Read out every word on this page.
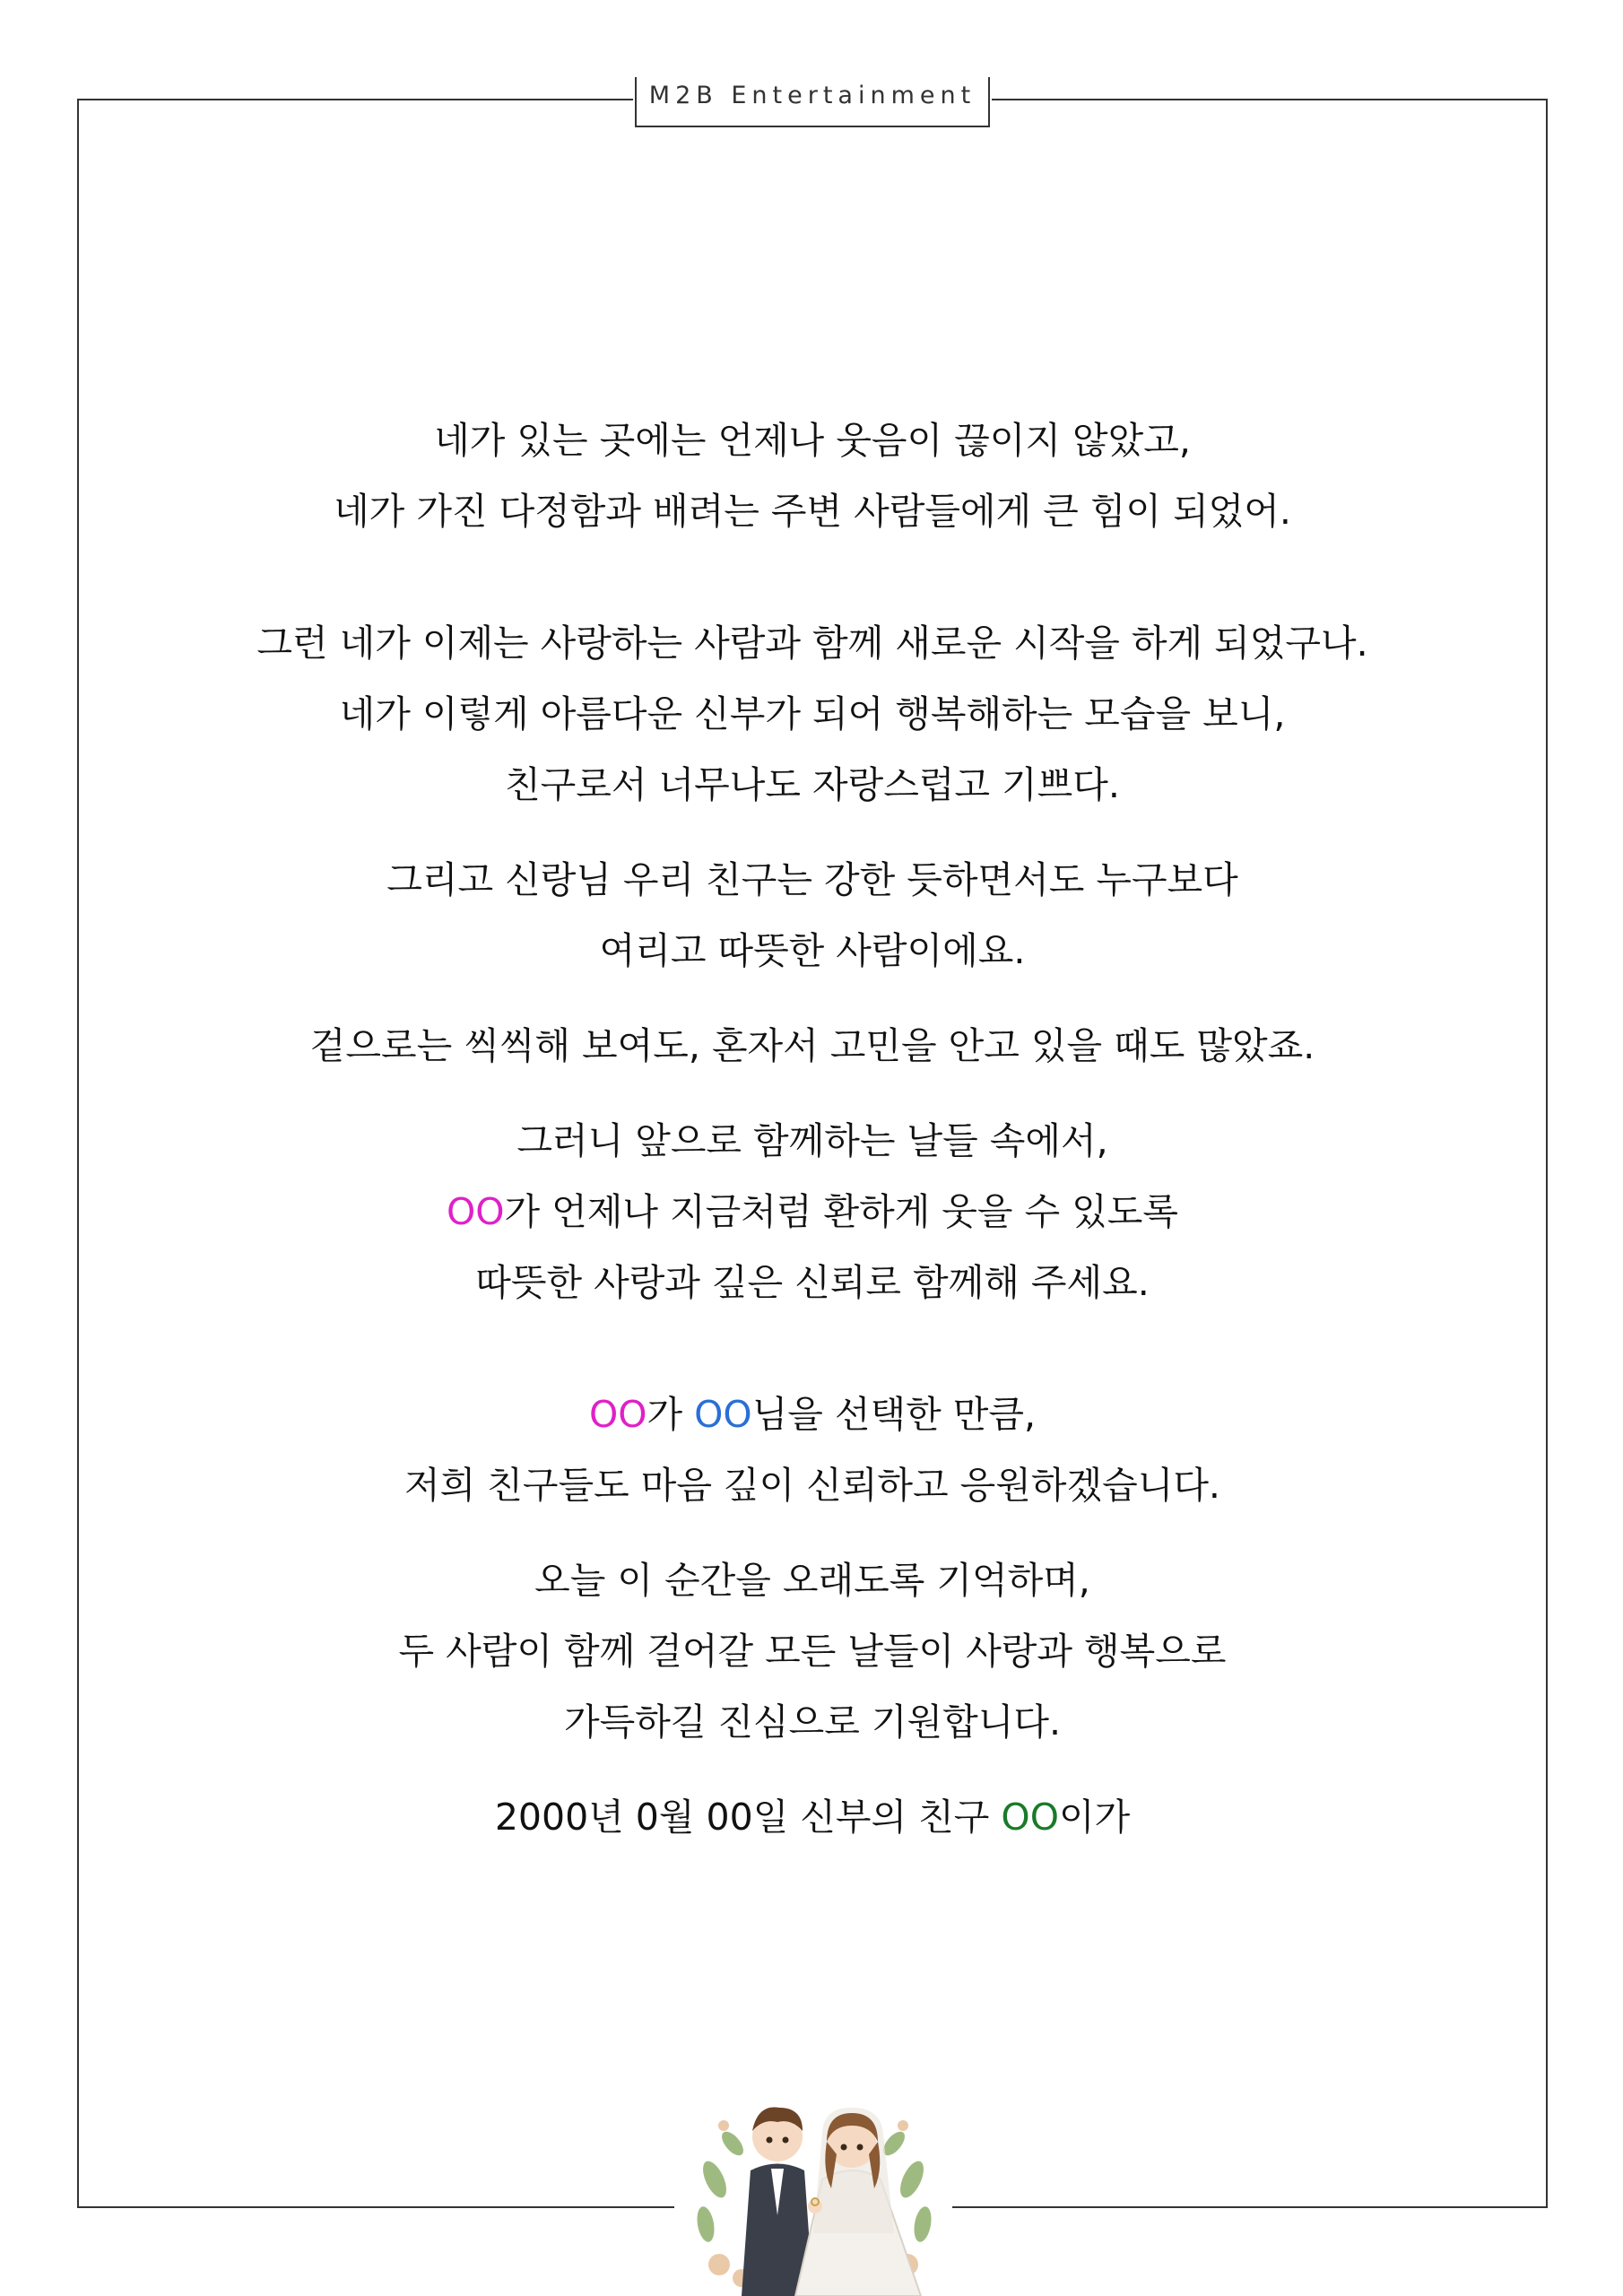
M2B Entertainment
네가 있는 곳에는 언제나 웃음이 끊이지 않았고,
네가 가진 다정함과 배려는 주변 사람들에게 큰 힘이 되었어.
그런 네가 이제는 사랑하는 사람과 함께 새로운 시작을 하게 되었구나.
네가 이렇게 아름다운 신부가 되어 행복해하는 모습을 보니,
친구로서 너무나도 자랑스럽고 기쁘다.
그리고 신랑님 우리 친구는 강한 듯하면서도 누구보다
여리고 따뜻한 사람이에요.
겉으로는 씩씩해 보여도, 혼자서 고민을 안고 있을 때도 많았죠.
그러니 앞으로 함께하는 날들 속에서,
OO가 언제나 지금처럼 환하게 웃을 수 있도록
따뜻한 사랑과 깊은 신뢰로 함께해 주세요.
OO가 OO님을 선택한 만큼,
저희 친구들도 마음 깊이 신뢰하고 응원하겠습니다.
오늘 이 순간을 오래도록 기억하며,
두 사람이 함께 걸어갈 모든 날들이 사랑과 행복으로
가득하길 진심으로 기원합니다.
2000년 0월 00일 신부의 친구 OO이가
